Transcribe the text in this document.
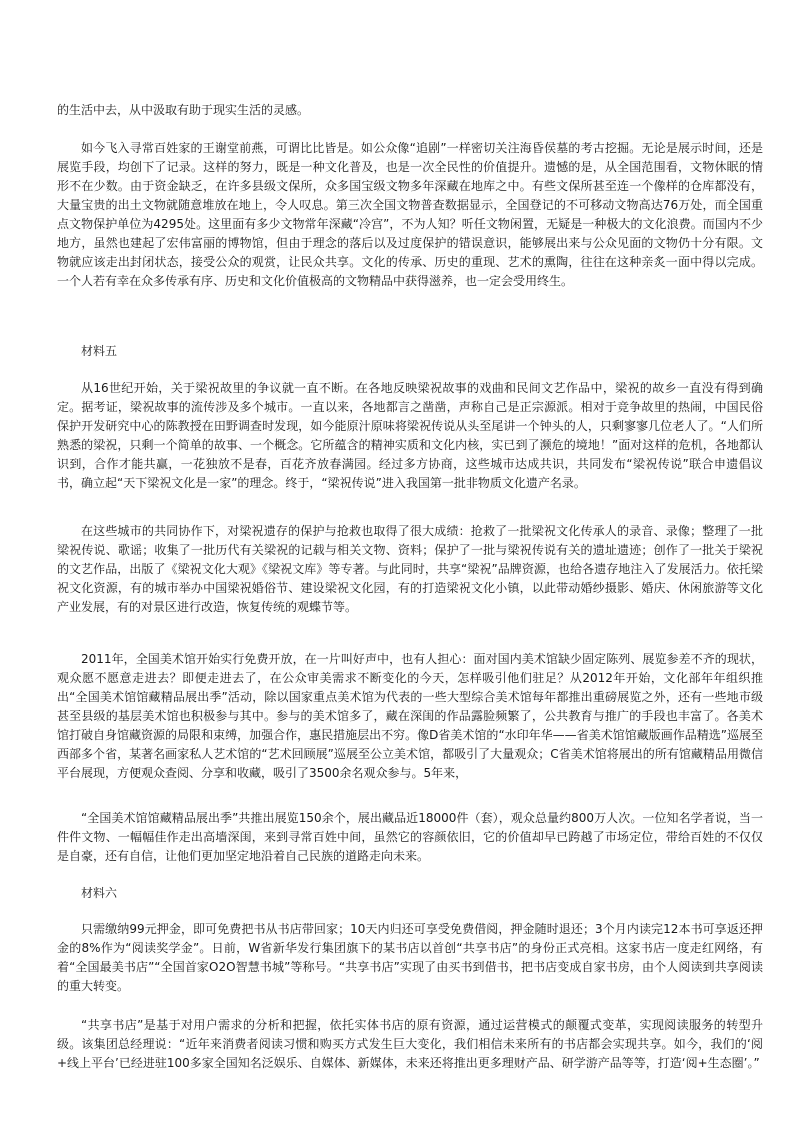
的生活中去，从中汲取有助于现实生活的灵感。

如今飞入寻常百姓家的王谢堂前燕，可谓比比皆是。如公众像“追剧”一样密切关注海昏侯墓的考古挖掘。无论是展示时间，还是展览手段，均创下了记录。这样的努力，既是一种文化普及，也是一次全民性的价值提升。遗憾的是，从全国范围看，文物休眠的情形不在少数。由于资金缺乏，在许多县级文保所，众多国宝级文物多年深藏在地库之中。有些文保所甚至连一个像样的仓库都没有，大量宝贵的出土文物就随意堆放在地上，令人叹息。第三次全国文物普查数据显示，全国登记的不可移动文物高达76万处，而全国重点文物保护单位为4295处。这里面有多少文物常年深藏“冷宫”，不为人知？听任文物闲置，无疑是一种极大的文化浪费。而国内不少地方，虽然也建起了宏伟富丽的博物馆，但由于理念的落后以及过度保护的错误意识，能够展出来与公众见面的文物仍十分有限。文物就应该走出封闭状态，接受公众的观赏，让民众共享。文化的传承、历史的重现、艺术的熏陶，往往在这种亲炙一面中得以完成。一个人若有幸在众多传承有序、历史和文化价值极高的文物精品中获得滋养，也一定会受用终生。

材料五

从16世纪开始，关于梁祝故里的争议就一直不断。在各地反映梁祝故事的戏曲和民间文艺作品中，梁祝的故乡一直没有得到确定。据考证，梁祝故事的流传涉及多个城市。一直以来，各地都言之凿凿，声称自己是正宗源派。相对于竞争故里的热闹，中国民俗保护开发研究中心的陈教授在田野调查时发现，如今能原汁原味将梁祝传说从头至尾讲一个钟头的人，只剩寥寥几位老人了。“人们所熟悉的梁祝，只剩一个简单的故事、一个概念。它所蕴含的精神实质和文化内核，实已到了濒危的境地！”面对这样的危机，各地都认识到，合作才能共赢，一花独放不是春，百花齐放春满园。经过多方协商，这些城市达成共识，共同发布“梁祝传说”联合申遗倡议书，确立起“天下梁祝文化是一家”的理念。终于，“梁祝传说”进入我国第一批非物质文化遗产名录。

在这些城市的共同协作下，对梁祝遗存的保护与抢救也取得了很大成绩：抢救了一批梁祝文化传承人的录音、录像；整理了一批梁祝传说、歌谣；收集了一批历代有关梁祝的记载与相关文物、资料；保护了一批与梁祝传说有关的遗址遗迹；创作了一批关于梁祝的文艺作品，出版了《梁祝文化大观》《梁祝文库》等专著。与此同时，共享“梁祝”品牌资源，也给各遗存地注入了发展活力。依托梁祝文化资源，有的城市举办中国梁祝婚俗节、建设梁祝文化园，有的打造梁祝文化小镇，以此带动婚纱摄影、婚庆、休闲旅游等文化产业发展，有的对景区进行改造，恢复传统的观蝶节等。

2011年，全国美术馆开始实行免费开放，在一片叫好声中，也有人担心：面对国内美术馆缺少固定陈列、展览参差不齐的现状，观众愿不愿意走进去？即便走进去了，在公众审美需求不断变化的今天，怎样吸引他们驻足？从2012年开始，文化部年年组织推出“全国美术馆馆藏精品展出季”活动，除以国家重点美术馆为代表的一些大型综合美术馆每年都推出重磅展览之外，还有一些地市级甚至县级的基层美术馆也积极参与其中。参与的美术馆多了，藏在深闺的作品露脸频繁了，公共教育与推广的手段也丰富了。各美术馆打破自身馆藏资源的局限和束缚，加强合作，惠民措施层出不穷。像D省美术馆的“水印年华——省美术馆馆藏版画作品精选”巡展至西部多个省，某著名画家私人艺术馆的“艺术回顾展”巡展至公立美术馆，都吸引了大量观众；C省美术馆将展出的所有馆藏精品用微信平台展现，方便观众查阅、分享和收藏，吸引了3500余名观众参与。5年来，

“全国美术馆馆藏精品展出季”共推出展览150余个，展出藏品近18000件（套），观众总量约800万人次。一位知名学者说，当一件件文物、一幅幅佳作走出高墙深闺，来到寻常百姓中间，虽然它的容颜依旧，它的价值却早已跨越了市场定位，带给百姓的不仅仅是自豪，还有自信，让他们更加坚定地沿着自己民族的道路走向未来。

材料六

只需缴纳99元押金，即可免费把书从书店带回家；10天内归还可享受免费借阅，押金随时退还；3个月内读完12本书可享返还押金的8%作为“阅读奖学金”。日前，W省新华发行集团旗下的某书店以首创“共享书店”的身份正式亮相。这家书店一度走红网络，有着“全国最美书店”“全国首家O2O智慧书城”等称号。“共享书店”实现了由买书到借书，把书店变成自家书房，由个人阅读到共享阅读的重大转变。

“共享书店”是基于对用户需求的分析和把握，依托实体书店的原有资源，通过运营模式的颠覆式变革，实现阅读服务的转型升级。该集团总经理说：“近年来消费者阅读习惯和购买方式发生巨大变化，我们相信未来所有的书店都会实现共享。如今，我们的‘阅+线上平台’已经进驻100多家全国知名泛娱乐、自媒体、新媒体，未来还将推出更多理财产品、研学游产品等等，打造‘阅+生态圈’。”
